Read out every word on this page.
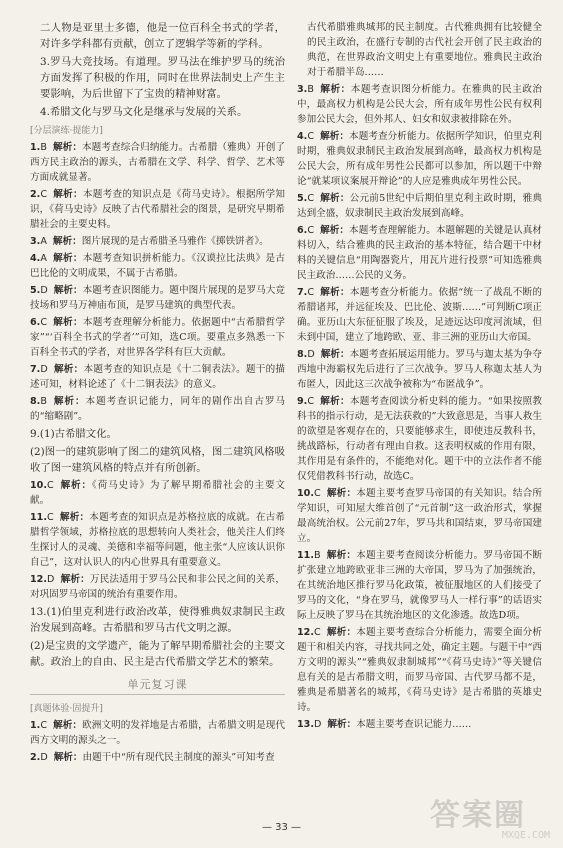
二人物是亚里士多德，他是一位百科全书式的学者，对许多学科都有贡献，创立了逻辑学等新的学科。

3.罗马大竞技场。有道理。罗马法在维护罗马的统治方面发挥了积极的作用，同时在世界法制史上产生主要影响，为后世留下了宝贵的精神财富。

4.希腊文化与罗马文化是继承与发展的关系。

[分层演练·提能力]

1.B 解析：本题考查综合归纳能力。古希腊（雅典）开创了西方民主政治的源头，古希腊在文学、科学、哲学、艺术等方面成就显著。

2.C 解析：本题考查的知识点是《荷马史诗》。根据所学知识，《荷马史诗》反映了古代希腊社会的图景，是研究早期希腊社会的主要史料。

3.A 解析：图片展现的是古希腊圣马雅作《掷铁饼者》。

4.A 解析：本题考查知识拼析能力。《汉谟拉比法典》是古巴比伦的文明成果，不属于古希腊。

5.D 解析：本题考查识图能力。题中图片展现的是罗马大竞技场和罗马万神庙布顶，是罗马建筑的典型代表。

6.C 解析：本题考查理解分析能力。依据题中“古希腊哲学家”“‘百科全书式的学者’”可知，选C项。要重点多熟悉一下百科全书式的学者，对世界各学科有巨大贡献。

7.D 解析：本题考查的知识点是《十二铜表法》。题干的描述可知，材料论述了《十二铜表法》的意义。

8.B 解析：本题考查识记能力，同年的剧作出自古罗马的“缩略剧”。

9.(1)古希腊文化。

(2)图一的建筑影响了图二的建筑风格，图二建筑风格吸收了图一建筑风格的特点并有所创新。

10.C 解析：《荷马史诗》为了解早期希腊社会的主要文献。

11.C 解析：本题考查的知识点是苏格拉底的成就。在古希腊哲学领域，苏格拉底的思想转向人类社会，他关注人们终生探讨人的灵魂、美德和幸福等问题，他主张“人应该认识你自己”，这对认识人的内心世界具有重要意义。

12.D 解析：万民法适用于罗马公民和非公民之间的关系，对巩固罗马帝国的统治有重要作用。

13.(1)伯里克利进行政治改革，使得雅典奴隶制民主政治发展到高峰。古希腊和罗马古代文明之源。

(2)是宝贵的文学遗产，能为了解早期希腊社会的主要文献。政治上的自由、民主是古代希腊文学艺术的繁荣。

单元复习课
[真题体验·固提升]

1.C 解析：欧洲文明的发祥地是古希腊，古希腊文明是现代西方文明的源头之一。

2.D 解析：由题干中“所有现代民主制度的源头”可知考查

古代希腊雅典城邦的民主制度。古代雅典拥有比较健全的民主政治，在盛行专制的古代社会开创了民主政治的典范，在世界政治文明史上有重要地位。雅典民主政治对于希腊半岛……

3.B 解析：本题考查识图分析能力。在雅典的民主政治中，最高权力机构是公民大会，所有成年男性公民有权利参加公民大会，但外邦人、妇女和奴隶被排除在外。

4.C 解析：本题考查分析能力。依据所学知识，伯里克利时期，雅典奴隶制民主政治发展到高峰，最高权力机构是公民大会，所有成年男性公民都可以参加，所以题干中辩论“就某项议案展开辩论”的人应是雅典成年男性公民。

5.C 解析：公元前5世纪中后期伯里克利主政时期，雅典达到全盛，奴隶制民主政治发展到高峰。

6.C 解析：本题考查理解能力。本题解题的关键是认真材料切入，结合雅典的民主政治的基本特征，结合题干中材料的关键信息“用陶器瓷片，用瓦片进行投票”可知选雅典民主政治……公民的义务。

7.C 解析：本题考查分析能力。依据“统一了战乱不断的希腊诸邦，并远征埃及、巴比伦、波斯……”可判断C项正确。亚历山大东征征服了埃及，足迹远达印度河流域，但未到中国，建立了地跨欧、亚、非三洲的亚历山大帝国。

8.D 解析：本题考查拓展运用能力。罗马与迦太基为争夺西地中海霸权先后进行了三次战争。罗马人称迦太基人为布匿人，因此这三次战争被称为“布匿战争”。

9.C 解析：本题考查阅读分析史料的能力。“如果按照教科书的指示行动，是无法获救的”大致意思是，当事人救生的欲望是客观存在的，只要能够求生，即使违反教科书，挑战路标，行动者有理由自救。这表明权威的作用有限，其作用是有条件的，不能绝对化。题干中的立法作者不能仅凭借教科书行动，故选C。

10.C 解析：本题主要考查罗马帝国的有关知识。结合所学知识，可知屋大维首创了“元首制”这一政治形式，掌握最高统治权。公元前27年，罗马共和国结束，罗马帝国建立。

11.B 解析：本题主要考查阅读分析能力。罗马帝国不断扩张建立地跨欧亚非三洲的大帝国，罗马为了加强统治，在其统治地区推行罗马化政策，被征服地区的人们接受了罗马的文化，“身在罗马，就像罗马人一样行事”的话语实际上反映了罗马在其统治地区的文化渗透。故选D项。

12.C 解析：本题主要考查综合分析能力，需要全面分析题干和相关内容，寻找共同之处，确定主题。与题干中“西方文明的源头”“雅典奴隶制城邦”“《荷马史诗》”等关键信息有关的是古希腊文明，而罗马帝国、古代罗马都不是，雅典是希腊著名的城邦，《荷马史诗》是古希腊的英雄史诗。

13.D 解析：本题主要考查识记能力……

— 33 —	答案圈
MXQE.COM
